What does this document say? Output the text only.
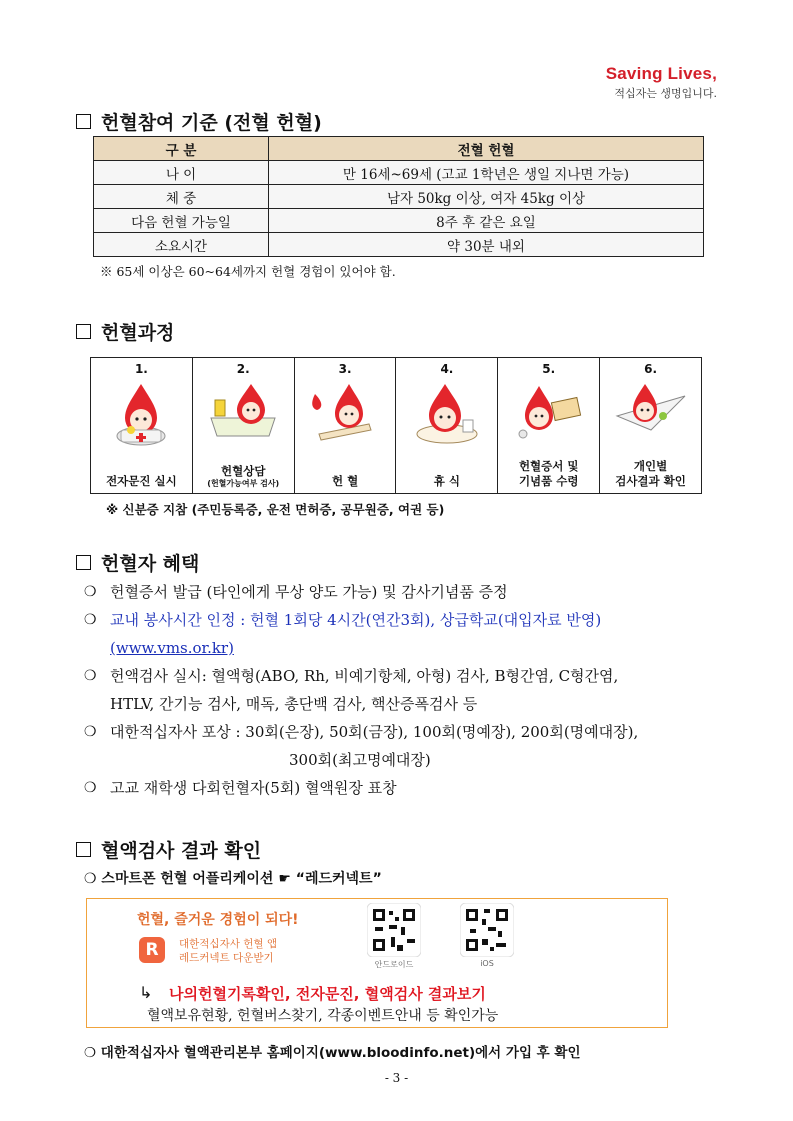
Saving Lives,
적십자는 생명입니다.
헌혈참여 기준 (전혈 헌혈)
구 분	전혈 헌혈
나 이	만 16세~69세 (고교 1학년은 생일 지나면 가능)
체 중	남자 50kg 이상, 여자 45kg 이상
다음 헌혈 가능일	8주 후 같은 요일
소요시간	약 30분 내외
※ 65세 이상은 60~64세까지 헌혈 경험이 있어야 함.
헌혈과정
1.
전자문진 실시
2.
헌혈상담
(헌혈가능여부 검사)
3.
헌 혈
4.
휴 식
5.
헌혈증서 및
기념품 수령
6.
개인별
검사결과 확인
※ 신분증 지참 (주민등록증, 운전 면허증, 공무원증, 여권 등)
헌혈자 혜택
❍ 헌혈증서 발급 (타인에게 무상 양도 가능) 및 감사기념품 증정
❍ 교내 봉사시간 인정 : 헌혈 1회당 4시간(연간3회), 상급학교(대입자료 반영)
(www.vms.or.kr)
❍ 헌액검사 실시: 혈액형(ABO, Rh, 비예기항체, 아형) 검사, B형간염, C형간염,
HTLV, 간기능 검사, 매독, 총단백 검사, 핵산증폭검사 등
❍ 대한적십자사 포상 : 30회(은장), 50회(금장), 100회(명예장), 200회(명예대장),
300회(최고명예대장)
❍ 고교 재학생 다회헌혈자(5회) 혈액원장 표창
혈액검사 결과 확인
❍ 스마트폰 헌혈 어플리케이션 ☛ “레드커넥트”
헌혈, 즐거운 경험이 되다!
R	대한적십자사 헌혈 앱
레드커넥트 다운받기
안드로이드	iOS
↳ 나의헌혈기록확인, 전자문진, 혈액검사 결과보기
혈액보유현황, 헌혈버스찾기, 각종이벤트안내 등 확인가능
❍ 대한적십자사 혈액관리본부 홈페이지(www.bloodinfo.net)에서 가입 후 확인
- 3 -
